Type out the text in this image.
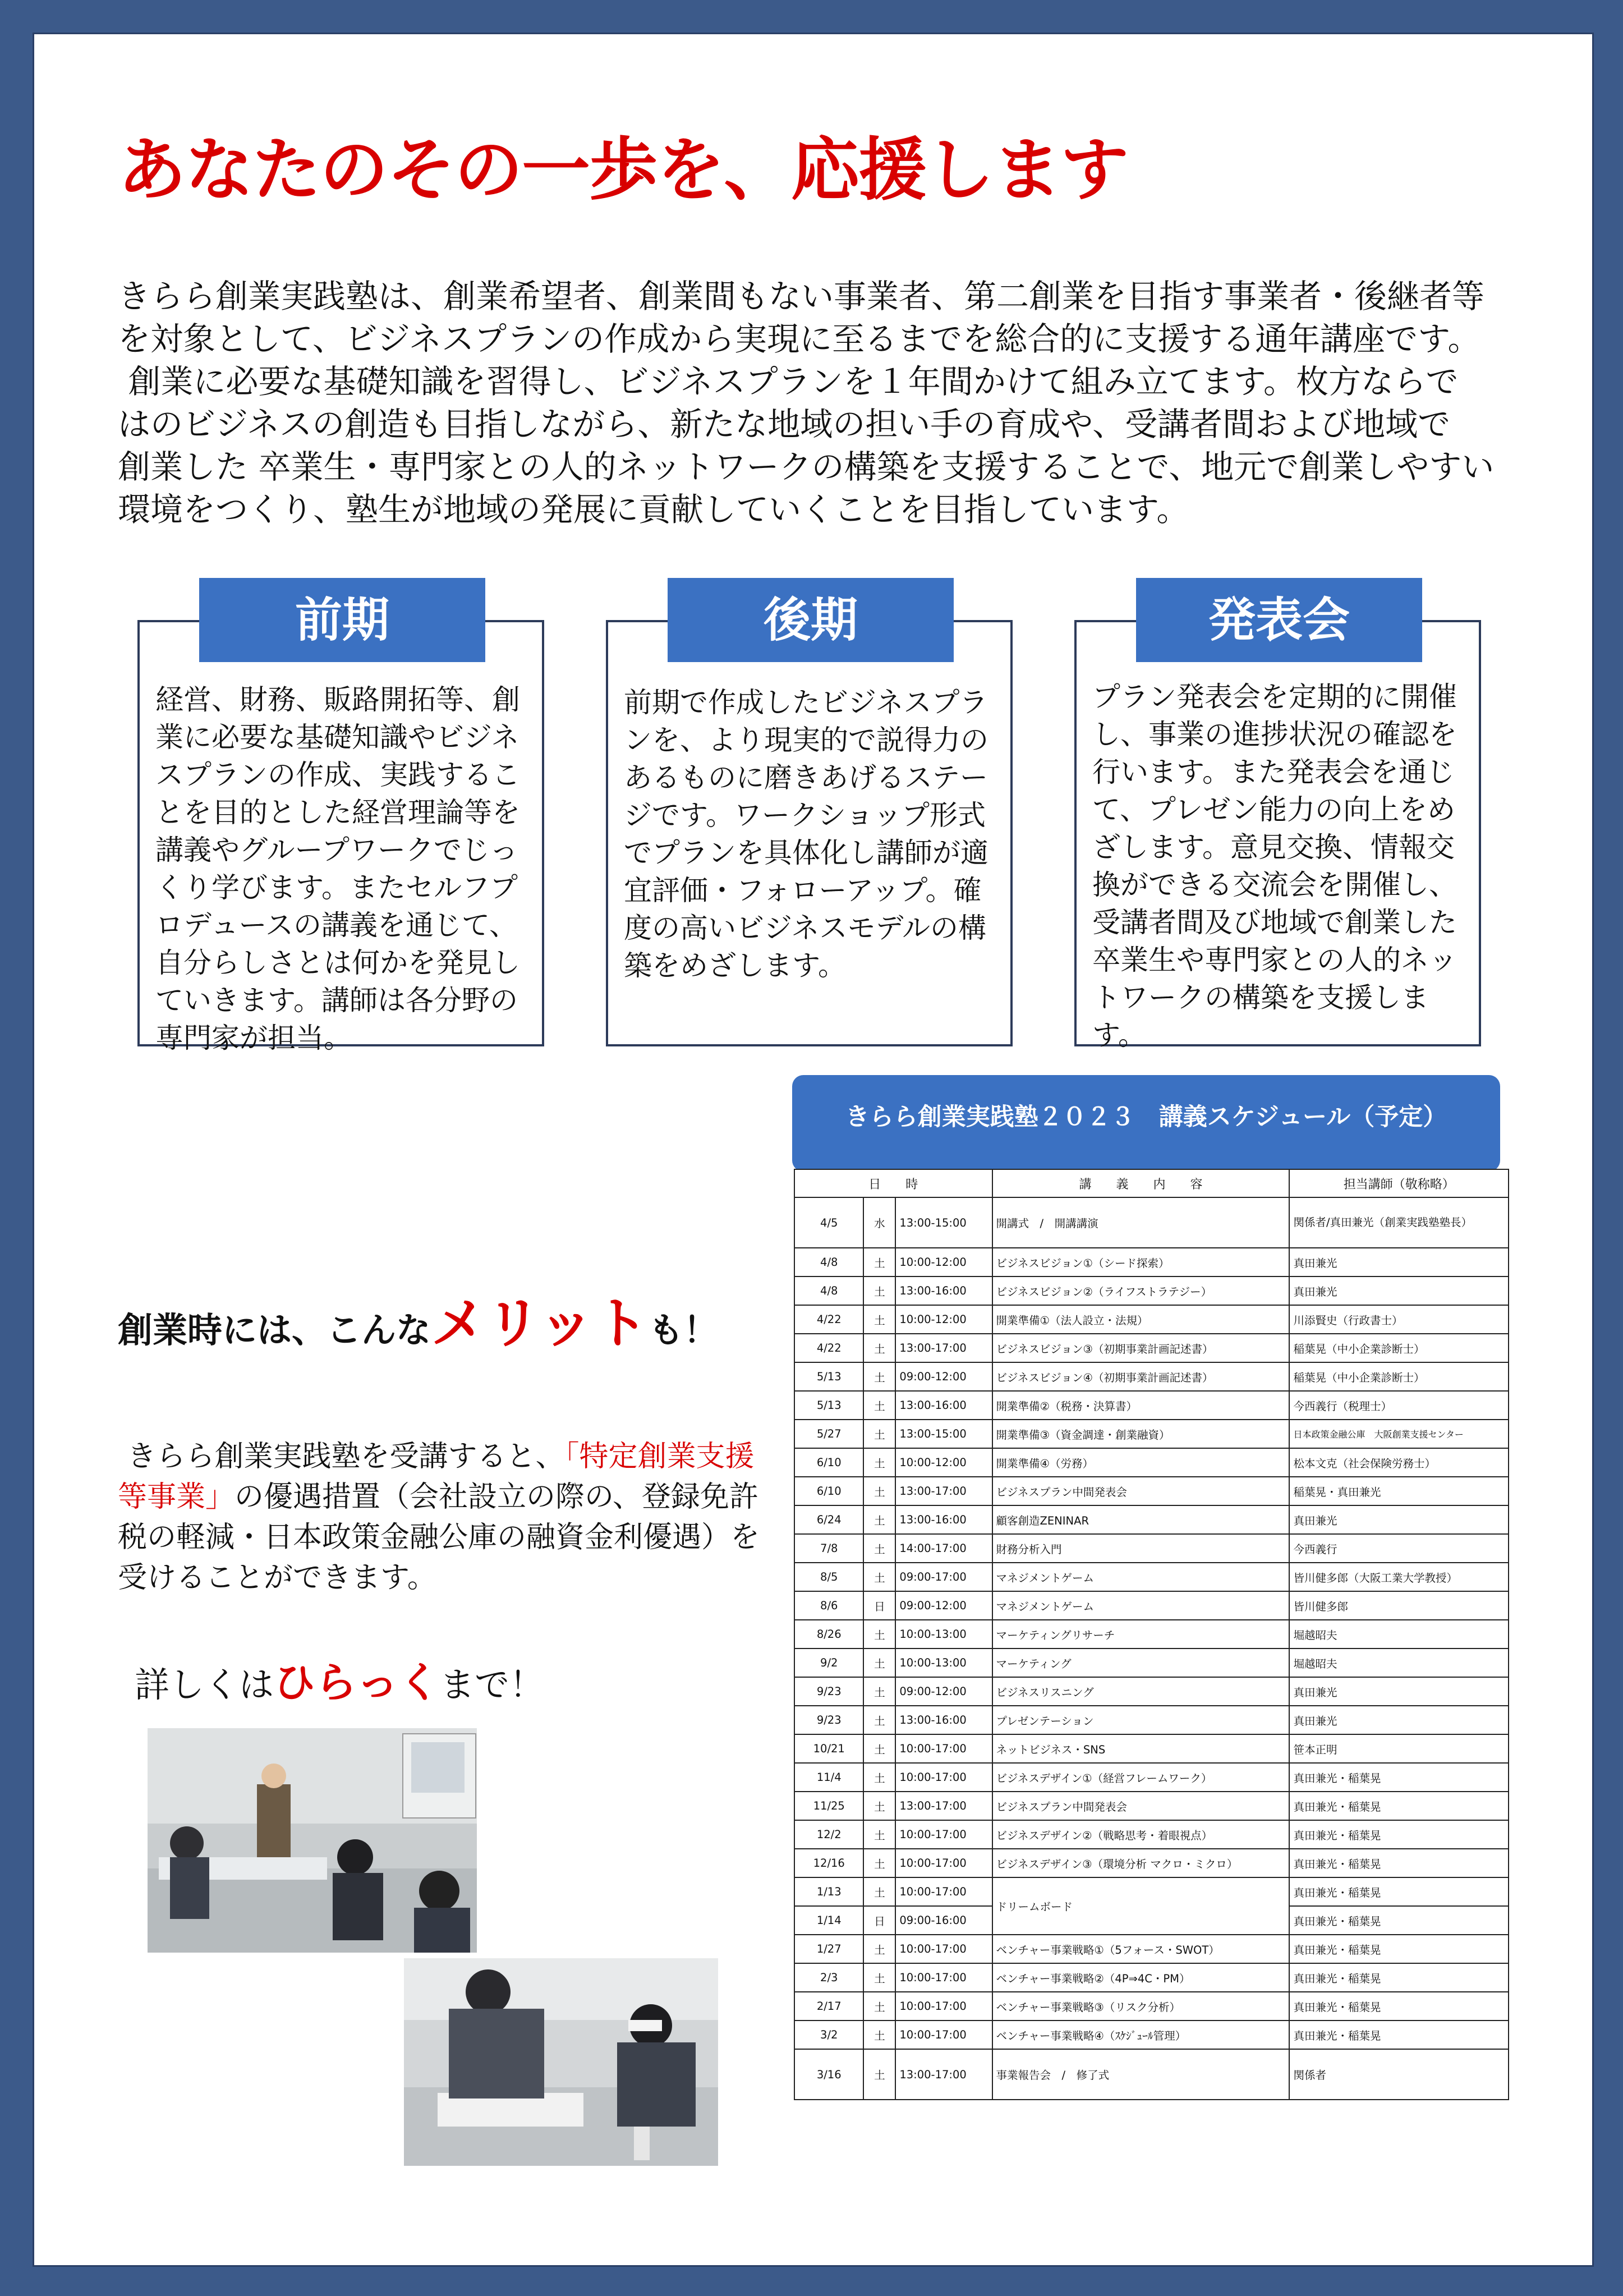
あなたのその一歩を、応援します

きらら創業実践塾は、創業希望者、創業間もない事業者、第二創業を目指す事業者・後継者等

を対象として、ビジネスプランの作成から実現に至るまでを総合的に支援する通年講座です。

創業に必要な基礎知識を習得し、ビジネスプランを１年間かけて組み立てます。枚方ならで

はのビジネスの創造も目指しながら、新たな地域の担い手の育成や、受講者間および地域で

創業した 卒業生・専門家との人的ネットワークの構築を支援することで、地元で創業しやすい

環境をつくり、塾生が地域の発展に貢献していくことを目指しています。

経営、財務、販路開拓等、創業に必要な基礎知識やビジネスプランの作成、実践することを目的とした経営理論等を講義やグループワークでじっくり学びます。またセルフプロデュースの講義を通じて、自分らしさとは何かを発見していきます。講師は各分野の専門家が担当。
前期
前期で作成したビジネスプランを、より現実的で説得力のあるものに磨きあげるステージです。ワークショップ形式でプランを具体化し講師が適宜評価・フォローアップ。確度の高いビジネスモデルの構築をめざします。
後期
プラン発表会を定期的に開催し、事業の進捗状況の確認を行います。また発表会を通じて、プレゼン能力の向上をめざします。意見交換、情報交換ができる交流会を開催し、受講者間及び地域で創業した卒業生や専門家との人的ネットワークの構築を支援します。
発表会
創業時には、こんなメリットも！
きらら創業実践塾を受講すると、「特定創業支援等事業」の優遇措置（会社設立の際の、登録免許税の軽減・日本政策金融公庫の融資金利優遇）を受けることができます。
詳しくはひらっくまで！
きらら創業実践塾２０２３　講義スケジュール（予定）
日　　時			講　　義　　内　　容	担当講師（敬称略）
4/5	水	13:00-15:00	開講式　/　開講講演	関係者/真田兼光（創業実践塾塾長）
4/8	土	10:00-12:00	ビジネスビジョン①（シード探索）	真田兼光
4/8	土	13:00-16:00	ビジネスビジョン②（ライフストラテジー）	真田兼光
4/22	土	10:00-12:00	開業準備①（法人設立・法規）	川添賢史（行政書士）
4/22	土	13:00-17:00	ビジネスビジョン③（初期事業計画記述書）	稲葉晃（中小企業診断士）
5/13	土	09:00-12:00	ビジネスビジョン④（初期事業計画記述書）	稲葉晃（中小企業診断士）
5/13	土	13:00-16:00	開業準備②（税務・決算書）	今西義行（税理士）
5/27	土	13:00-15:00	開業準備③（資金調達・創業融資）	日本政策金融公庫　大阪創業支援センター
6/10	土	10:00-12:00	開業準備④（労務）	松本文克（社会保険労務士）
6/10	土	13:00-17:00	ビジネスプラン中間発表会	稲葉晃・真田兼光
6/24	土	13:00-16:00	顧客創造ZENINAR	真田兼光
7/8	土	14:00-17:00	財務分析入門	今西義行
8/5	土	09:00-17:00	マネジメントゲーム	皆川健多郎（大阪工業大学教授）
8/6	日	09:00-12:00	マネジメントゲーム	皆川健多郎
8/26	土	10:00-13:00	マーケティングリサーチ	堀越昭夫
9/2	土	10:00-13:00	マーケティング	堀越昭夫
9/23	土	09:00-12:00	ビジネスリスニング	真田兼光
9/23	土	13:00-16:00	プレゼンテーション	真田兼光
10/21	土	10:00-17:00	ネットビジネス・SNS	笹本正明
11/4	土	10:00-17:00	ビジネスデザイン①（経営フレームワーク）	真田兼光・稲葉晃
11/25	土	13:00-17:00	ビジネスプラン中間発表会	真田兼光・稲葉晃
12/2	土	10:00-17:00	ビジネスデザイン②（戦略思考・着眼視点）	真田兼光・稲葉晃
12/16	土	10:00-17:00	ビジネスデザイン③（環境分析 マクロ・ミクロ）	真田兼光・稲葉晃
1/13	土	10:00-17:00	ドリームボード	真田兼光・稲葉晃
1/14	日	09:00-16:00		真田兼光・稲葉晃
1/27	土	10:00-17:00	ベンチャー事業戦略①（5フォース・SWOT）	真田兼光・稲葉晃
2/3	土	10:00-17:00	ベンチャー事業戦略②（4P⇒4C・PM）	真田兼光・稲葉晃
2/17	土	10:00-17:00	ベンチャー事業戦略③（リスク分析）	真田兼光・稲葉晃
3/2	土	10:00-17:00	ベンチャー事業戦略④（ｽｹｼﾞｭｰﾙ管理）	真田兼光・稲葉晃
3/16	土	13:00-17:00	事業報告会　/　修了式	関係者
